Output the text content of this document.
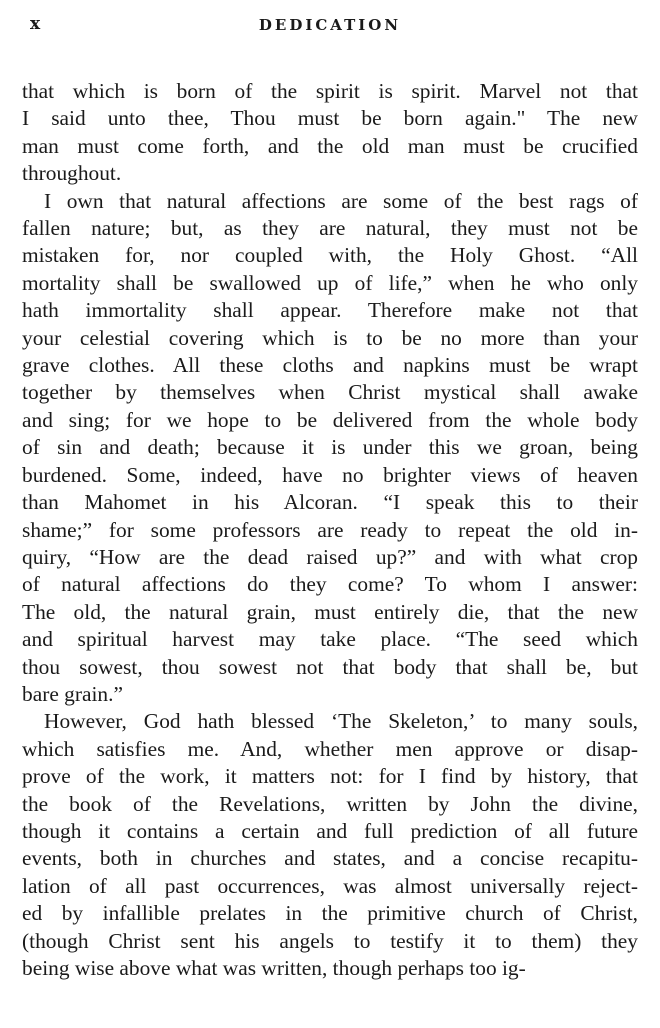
x	DEDICATION
that which is born of the spirit is spirit. Marvel not that
I said unto thee, Thou must be born again." The new
man must come forth, and the old man must be crucified
throughout.
I own that natural affections are some of the best rags of
fallen nature; but, as they are natural, they must not be
mistaken for, nor coupled with, the Holy Ghost. “All
mortality shall be swallowed up of life,” when he who only
hath immortality shall appear. Therefore make not that
your celestial covering which is to be no more than your
grave clothes. All these cloths and napkins must be wrapt
together by themselves when Christ mystical shall awake
and sing; for we hope to be delivered from the whole body
of sin and death; because it is under this we groan, being
burdened. Some, indeed, have no brighter views of heaven
than Mahomet in his Alcoran. “I speak this to their
shame;” for some professors are ready to repeat the old in-
quiry, “How are the dead raised up?” and with what crop
of natural affections do they come? To whom I answer:
The old, the natural grain, must entirely die, that the new
and spiritual harvest may take place. “The seed which
thou sowest, thou sowest not that body that shall be, but
bare grain.”
However, God hath blessed ‘The Skeleton,’ to many souls,
which satisfies me. And, whether men approve or disap-
prove of the work, it matters not: for I find by history, that
the book of the Revelations, written by John the divine,
though it contains a certain and full prediction of all future
events, both in churches and states, and a concise recapitu-
lation of all past occurrences, was almost universally reject-
ed by infallible prelates in the primitive church of Christ,
(though Christ sent his angels to testify it to them) they
being wise above what was written, though perhaps too ig-
